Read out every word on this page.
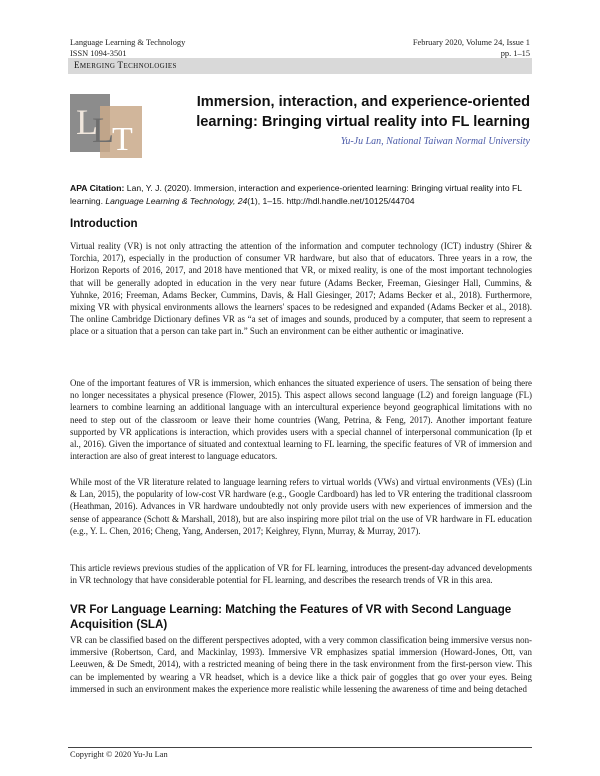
Language Learning & Technology
ISSN 1094-3501
February 2020, Volume 24, Issue 1
pp. 1–15
EMERGING TECHNOLOGIES
L
L
T
Immersion, interaction, and experience-oriented
learning: Bringing virtual reality into FL learning
Yu-Ju Lan, National Taiwan Normal University
APA Citation: Lan, Y. J. (2020). Immersion, interaction and experience-oriented learning: Bringing virtual reality into FL learning. Language Learning & Technology, 24(1), 1–15. http://hdl.handle.net/10125/44704
Introduction
Virtual reality (VR) is not only attracting the attention of the information and computer technology (ICT) industry (Shirer & Torchia, 2017), especially in the production of consumer VR hardware, but also that of educators. Three years in a row, the Horizon Reports of 2016, 2017, and 2018 have mentioned that VR, or mixed reality, is one of the most important technologies that will be generally adopted in education in the very near future (Adams Becker, Freeman, Giesinger Hall, Cummins, & Yuhnke, 2016; Freeman, Adams Becker, Cummins, Davis, & Hall Giesinger, 2017; Adams Becker et al., 2018). Furthermore, mixing VR with physical environments allows the learners' spaces to be redesigned and expanded (Adams Becker et al., 2018). The online Cambridge Dictionary defines VR as “a set of images and sounds, produced by a computer, that seem to represent a place or a situation that a person can take part in.” Such an environment can be either authentic or imaginative.
One of the important features of VR is immersion, which enhances the situated experience of users. The sensation of being there no longer necessitates a physical presence (Flower, 2015). This aspect allows second language (L2) and foreign language (FL) learners to combine learning an additional language with an intercultural experience beyond geographical limitations with no need to step out of the classroom or leave their home countries (Wang, Petrina, & Feng, 2017). Another important feature supported by VR applications is interaction, which provides users with a special channel of interpersonal communication (Ip et al., 2016). Given the importance of situated and contextual learning to FL learning, the specific features of VR of immersion and interaction are also of great interest to language educators.
While most of the VR literature related to language learning refers to virtual worlds (VWs) and virtual environments (VEs) (Lin & Lan, 2015), the popularity of low-cost VR hardware (e.g., Google Cardboard) has led to VR entering the traditional classroom (Heathman, 2016). Advances in VR hardware undoubtedly not only provide users with new experiences of immersion and the sense of appearance (Schott & Marshall, 2018), but are also inspiring more pilot trial on the use of VR hardware in FL education (e.g., Y. L. Chen, 2016; Cheng, Yang, Andersen, 2017; Keighrey, Flynn, Murray, & Murray, 2017).
This article reviews previous studies of the application of VR for FL learning, introduces the present-day advanced developments in VR technology that have considerable potential for FL learning, and describes the research trends of VR in this area.
VR For Language Learning: Matching the Features of VR with Second Language Acquisition (SLA)
VR can be classified based on the different perspectives adopted, with a very common classification being immersive versus non-immersive (Robertson, Card, and Mackinlay, 1993). Immersive VR emphasizes spatial immersion (Howard-Jones, Ott, van Leeuwen, & De Smedt, 2014), with a restricted meaning of being there in the task environment from the first-person view. This can be implemented by wearing a VR headset, which is a device like a thick pair of goggles that go over your eyes. Being immersed in such an environment makes the experience more realistic while lessening the awareness of time and being detached
Copyright © 2020 Yu-Ju Lan
